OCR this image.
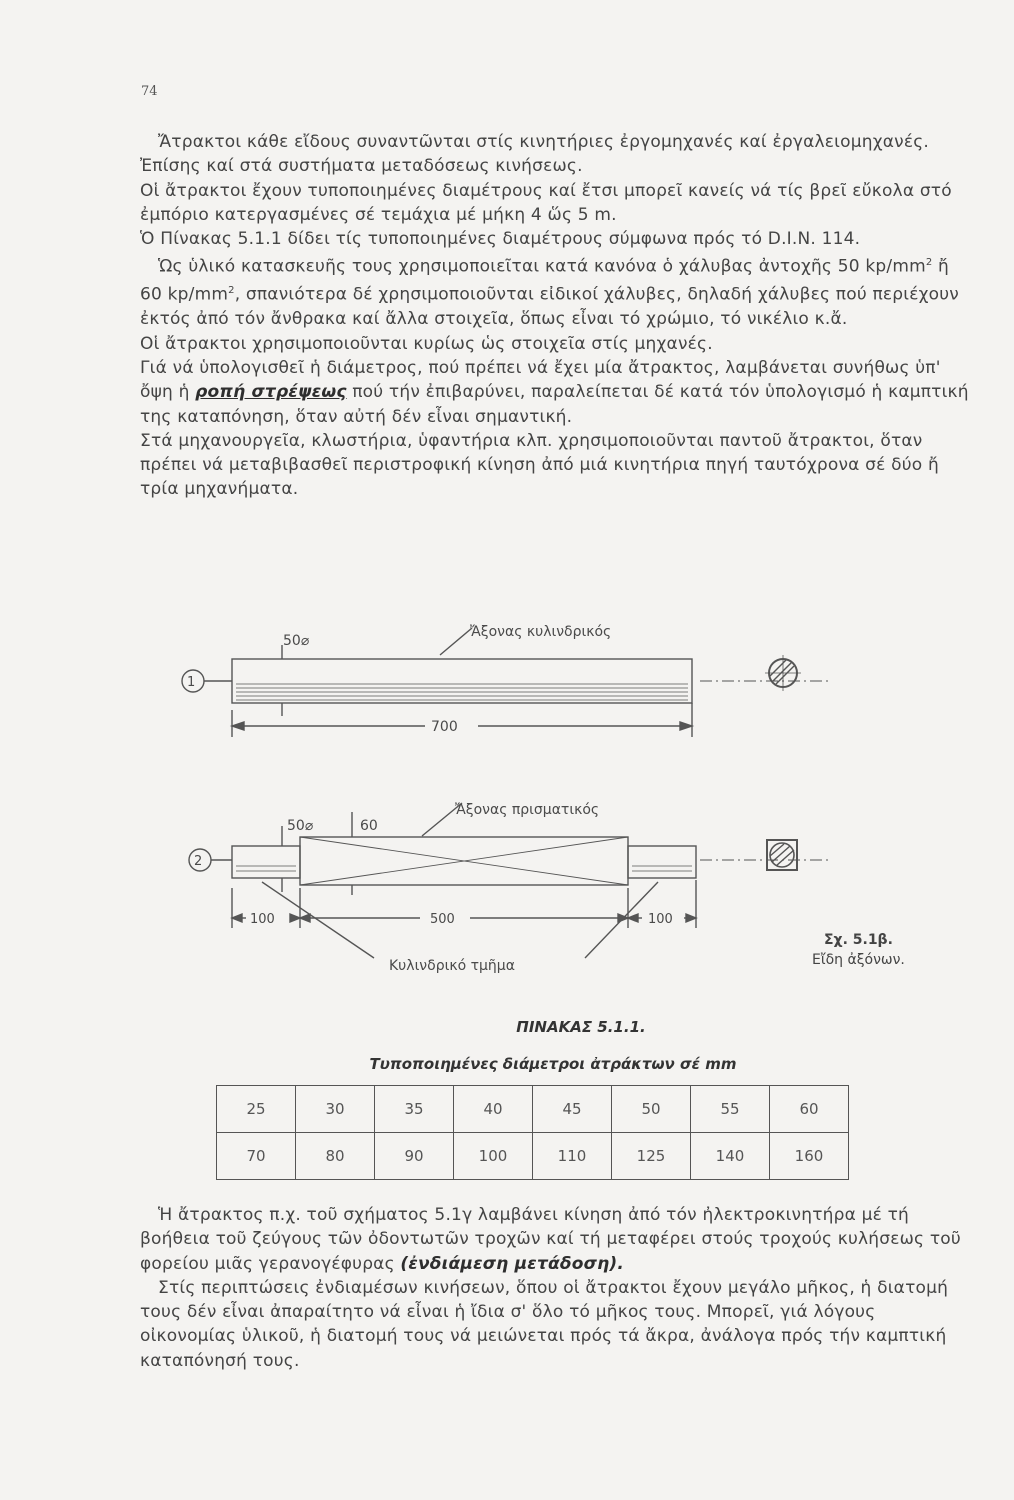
74

Ἄτρακτοι κάθε εἴδους συναντῶνται στίς κινητήριες ἐργομηχανές καί ἐργαλειομηχανές. Ἐπίσης καί στά συστήματα μεταδόσεως κινήσεως.

Οἱ ἄτρακτοι ἔχουν τυποποιημένες διαμέτρους καί ἔτσι μπορεῖ κανείς νά τίς βρεῖ εὔκολα στό ἐμπόριο κατεργασμένες σέ τεμάχια μέ μήκη 4 ὥς 5 m.

Ὁ Πίνακας 5.1.1 δίδει τίς τυποποιημένες διαμέτρους σύμφωνα πρός τό D.I.N. 114.

Ὡς ὑλικό κατασκευῆς τους χρησιμοποιεῖται κατά κανόνα ὁ χάλυβας ἀντοχῆς 50 $kp/mm^2$ ἤ 60 $kp/mm^2$, σπανιότερα δέ χρησιμοποιοῦνται εἰδικοί χάλυβες, δηλαδή χάλυβες πού περιέχουν ἐκτός ἀπό τόν ἄνθρακα καί ἄλλα στοιχεῖα, ὅπως εἶναι τό χρώμιο, τό νικέλιο κ.ἄ.

Οἱ ἄτρακτοι χρησιμοποιοῦνται κυρίως ὡς στοιχεῖα στίς μηχανές.

Γιά νά ὑπολογισθεῖ ἡ διάμετρος, πού πρέπει νά ἔχει μία ἄτρακτος, λαμβάνεται συνήθως ὑπ' ὄψη ἡ ροπή στρέψεως πού τήν ἐπιβαρύνει, παραλείπεται δέ κατά τόν ὑπολογισμό ἡ καμπτική της καταπόνηση, ὅταν αὐτή δέν εἶναι σημαντική.

Στά μηχανουργεῖα, κλωστήρια, ὑφαντήρια κλπ. χρησιμοποιοῦνται παντοῦ ἄτρακτοι, ὅταν πρέπει νά μεταβιβασθεῖ περιστροφική κίνηση ἀπό μιά κινητήρια πηγή ταυτόχρονα σέ δύο ἤ τρία μηχανήματα.

50⌀
Ἄξονας κυλινδρικός
1
700
50⌀	60
Ἄξονας πρισματικός
2
100	500	100
Κυλινδρικό τμῆμα
Σχ. 5.1β.
Εἴδη ἀξόνων.
ΠΙΝΑΚΑΣ 5.1.1.
Τυποποιημένες διάμετροι ἀτράκτων σέ mm
25	30	35	40	45	50	55	60
70	80	90	100	110	125	140	160

Ἡ ἄτρακτος π.χ. τοῦ σχήματος 5.1γ λαμβάνει κίνηση ἀπό τόν ἠλεκτροκινητήρα μέ τή βοήθεια τοῦ ζεύγους τῶν ὀδοντωτῶν τροχῶν καί τή μεταφέρει στούς τροχούς κυλήσεως τοῦ φορείου μιᾶς γερανογέφυρας (ἐνδιάμεση μετάδοση).

Στίς περιπτώσεις ἐνδιαμέσων κινήσεων, ὅπου οἱ ἄτρακτοι ἔχουν μεγάλο μῆκος, ἡ διατομή τους δέν εἶναι ἀπαραίτητο νά εἶναι ἡ ἴδια σ' ὅλο τό μῆκος τους. Μπορεῖ, γιά λόγους οἰκονομίας ὑλικοῦ, ἡ διατομή τους νά μειώνεται πρός τά ἄκρα, ἀνάλογα πρός τήν καμπτική καταπόνησή τους.
